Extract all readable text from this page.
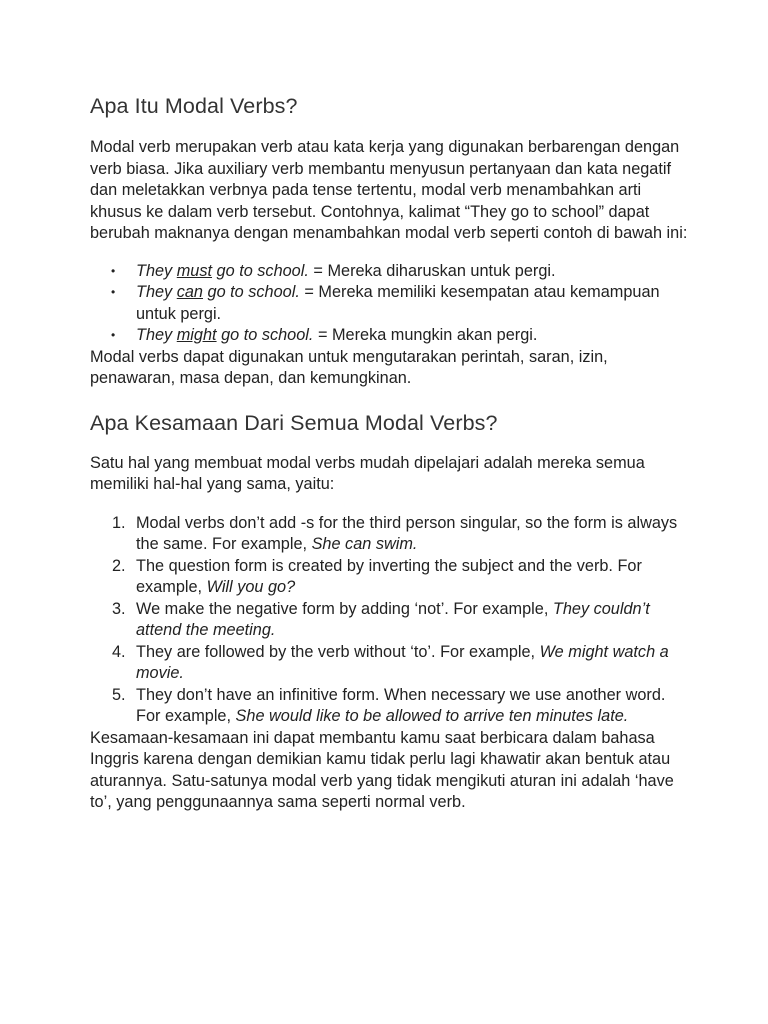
Apa Itu Modal Verbs?

Modal verb merupakan verb atau kata kerja yang digunakan berbarengan dengan verb biasa. Jika auxiliary verb membantu menyusun pertanyaan dan kata negatif dan meletakkan verbnya pada tense tertentu, modal verb menambahkan arti khusus ke dalam verb tersebut. Contohnya, kalimat “They go to school” dapat berubah maknanya dengan menambahkan modal verb seperti contoh di bawah ini:

• They must go to school. = Mereka diharuskan untuk pergi.
• They can go to school. = Mereka memiliki kesempatan atau kemampuan untuk pergi.
• They might go to school. = Mereka mungkin akan pergi.

Modal verbs dapat digunakan untuk mengutarakan perintah, saran, izin, penawaran, masa depan, dan kemungkinan.

Apa Kesamaan Dari Semua Modal Verbs?

Satu hal yang membuat modal verbs mudah dipelajari adalah mereka semua memiliki hal-hal yang sama, yaitu:

1. Modal verbs don’t add -s for the third person singular, so the form is always the same. For example, She can swim.
2. The question form is created by inverting the subject and the verb. For example, Will you go?
3. We make the negative form by adding ‘not’. For example, They couldn’t attend the meeting.
4. They are followed by the verb without ‘to’. For example, We might watch a movie.
5. They don’t have an infinitive form. When necessary we use another word. For example, She would like to be allowed to arrive ten minutes late.

Kesamaan-kesamaan ini dapat membantu kamu saat berbicara dalam bahasa Inggris karena dengan demikian kamu tidak perlu lagi khawatir akan bentuk atau aturannya. Satu-satunya modal verb yang tidak mengikuti aturan ini adalah ‘have to’, yang penggunaannya sama seperti normal verb.
